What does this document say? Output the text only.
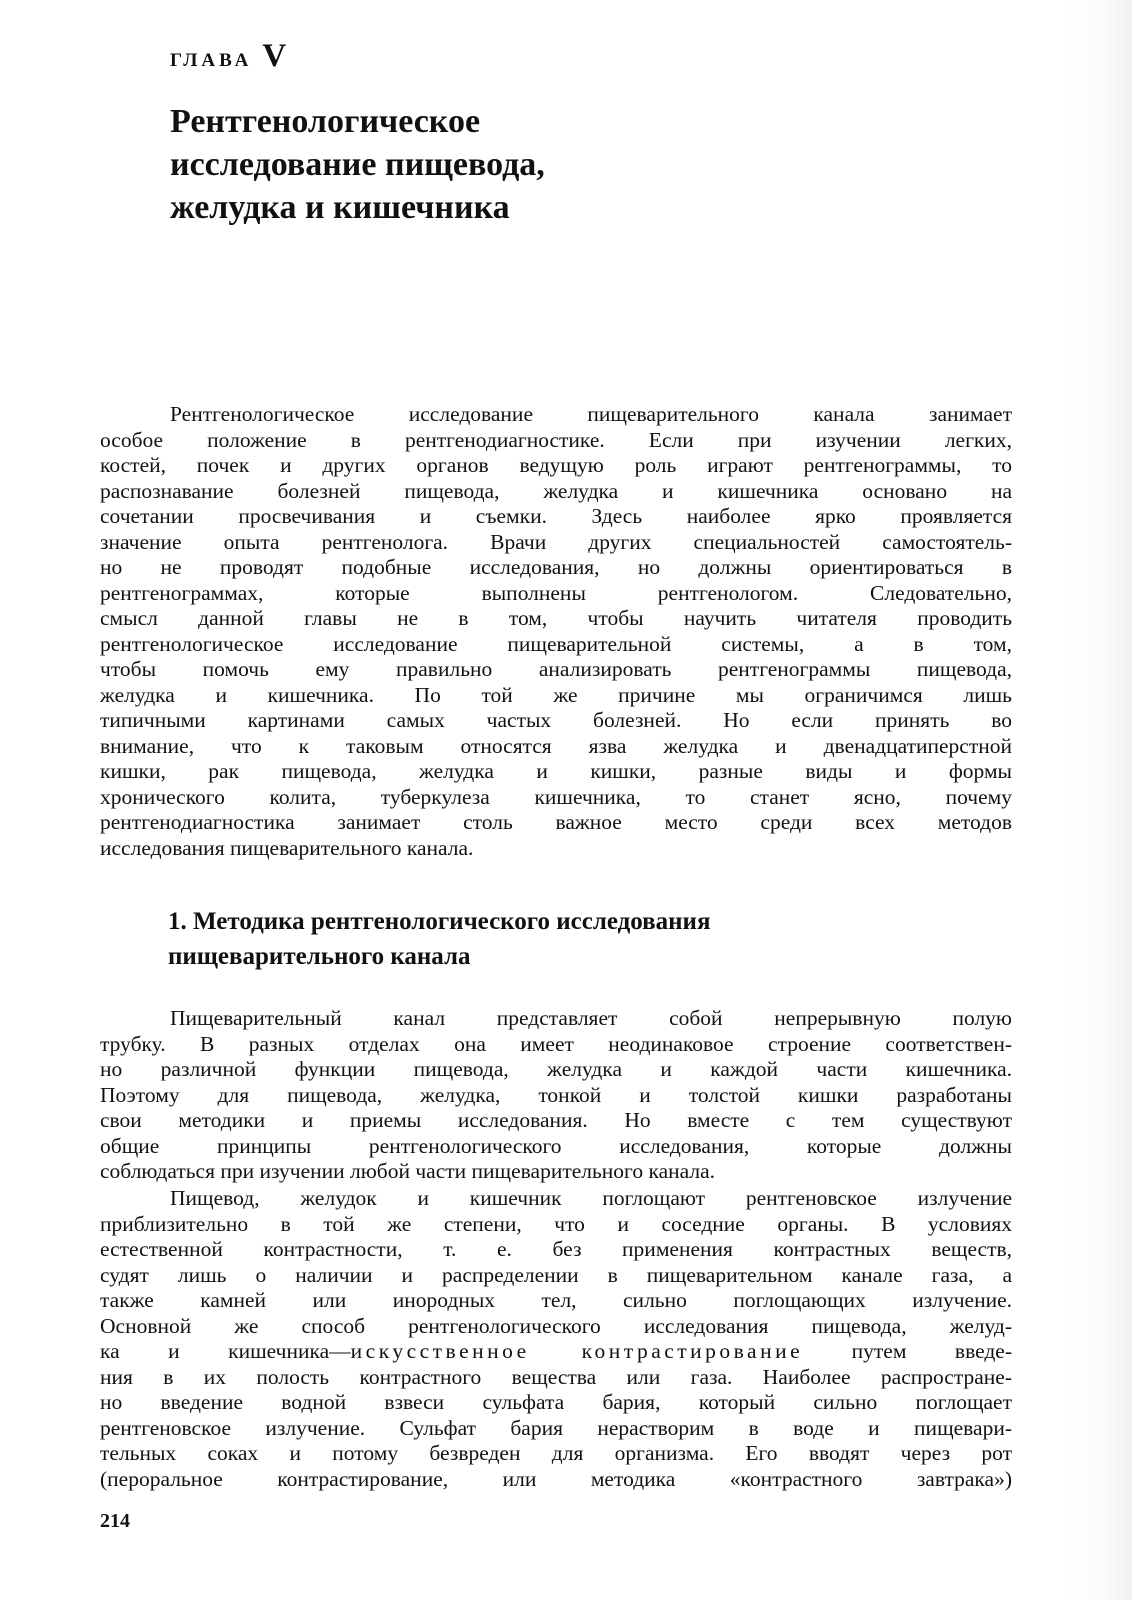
ГЛАВА V
Рентгенологическое
исследование пищевода,
желудка и кишечника
Рентгенологическое исследование пищеварительного канала занимает
особое положение в рентгенодиагностике. Если при изучении легких,
костей, почек и других органов ведущую роль играют рентгенограммы, то
распознавание болезней пищевода, желудка и кишечника основано на
сочетании просвечивания и съемки. Здесь наиболее ярко проявляется
значение опыта рентгенолога. Врачи других специальностей самостоятель-
но не проводят подобные исследования, но должны ориентироваться в
рентгенограммах, которые выполнены рентгенологом. Следовательно,
смысл данной главы не в том, чтобы научить читателя проводить
рентгенологическое исследование пищеварительной системы, а в том,
чтобы помочь ему правильно анализировать рентгенограммы пищевода,
желудка и кишечника. По той же причине мы ограничимся лишь
типичными картинами самых частых болезней. Но если принять во
внимание, что к таковым относятся язва желудка и двенадцатиперстной
кишки, рак пищевода, желудка и кишки, разные виды и формы
хронического колита, туберкулеза кишечника, то станет ясно, почему
рентгенодиагностика занимает столь важное место среди всех методов
исследования пищеварительного канала.
1. Методика рентгенологического исследования
пищеварительного канала
Пищеварительный канал представляет собой непрерывную полую
трубку. В разных отделах она имеет неодинаковое строение соответствен-
но различной функции пищевода, желудка и каждой части кишечника.
Поэтому для пищевода, желудка, тонкой и толстой кишки разработаны
свои методики и приемы исследования. Но вместе с тем существуют
общие принципы рентгенологического исследования, которые должны
соблюдаться при изучении любой части пищеварительного канала.
Пищевод, желудок и кишечник поглощают рентгеновское излучение
приблизительно в той же степени, что и соседние органы. В условиях
естественной контрастности, т. е. без применения контрастных веществ,
судят лишь о наличии и распределении в пищеварительном канале газа, а
также камней или инородных тел, сильно поглощающих излучение.
Основной же способ рентгенологического исследования пищевода, желуд-
ка и кишечника—искусственное контрастирование путем введе-
ния в их полость контрастного вещества или газа. Наиболее распростране-
но введение водной взвеси сульфата бария, который сильно поглощает
рентгеновское излучение. Сульфат бария нерастворим в воде и пищевари-
тельных соках и потому безвреден для организма. Его вводят через рот
(пероральное контрастирование, или методика «контрастного завтрака»)
214
